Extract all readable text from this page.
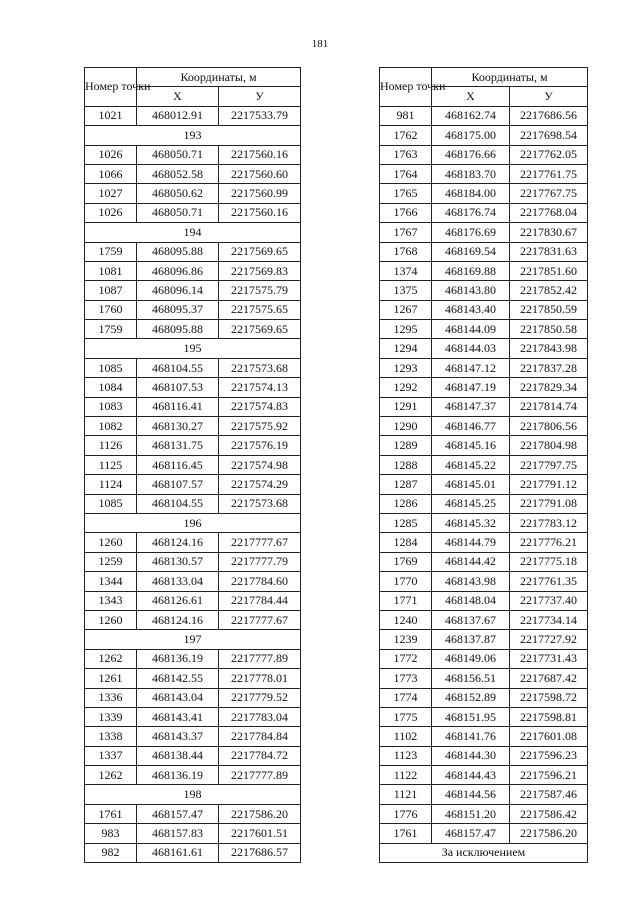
181
Номер точки	Координаты, м	
	X	У
1021	468012.91	2217533.79
193		
1026	468050.71	2217560.16
1066	468052.58	2217560.60
1027	468050.62	2217560.99
1026	468050.71	2217560.16
194		
1759	468095.88	2217569.65
1081	468096.86	2217569.83
1087	468096.14	2217575.79
1760	468095.37	2217575.65
1759	468095.88	2217569.65
195		
1085	468104.55	2217573.68
1084	468107.53	2217574.13
1083	468116.41	2217574.83
1082	468130.27	2217575.92
1126	468131.75	2217576.19
1125	468116.45	2217574.98
1124	468107.57	2217574.29
1085	468104.55	2217573.68
196		
1260	468124.16	2217777.67
1259	468130.57	2217777.79
1344	468133.04	2217784.60
1343	468126.61	2217784.44
1260	468124.16	2217777.67
197		
1262	468136.19	2217777.89
1261	468142.55	2217778.01
1336	468143.04	2217779.52
1339	468143.41	2217783.04
1338	468143.37	2217784.84
1337	468138.44	2217784.72
1262	468136.19	2217777.89
198		
1761	468157.47	2217586.20
983	468157.83	2217601.51
982	468161.61	2217686.57
Номер точки	Координаты, м	
	X	У
981	468162.74	2217686.56
1762	468175.00	2217698.54
1763	468176.66	2217762.05
1764	468183.70	2217761.75
1765	468184.00	2217767.75
1766	468176.74	2217768.04
1767	468176.69	2217830.67
1768	468169.54	2217831.63
1374	468169.88	2217851.60
1375	468143.80	2217852.42
1267	468143.40	2217850.59
1295	468144.09	2217850.58
1294	468144.03	2217843.98
1293	468147.12	2217837.28
1292	468147.19	2217829.34
1291	468147.37	2217814.74
1290	468146.77	2217806.56
1289	468145.16	2217804.98
1288	468145.22	2217797.75
1287	468145.01	2217791.12
1286	468145.25	2217791.08
1285	468145.32	2217783.12
1284	468144.79	2217776.21
1769	468144.42	2217775.18
1770	468143.98	2217761.35
1771	468148.04	2217737.40
1240	468137.67	2217734.14
1239	468137.87	2217727.92
1772	468149.06	2217731.43
1773	468156.51	2217687.42
1774	468152.89	2217598.72
1775	468151.95	2217598.81
1102	468141.76	2217601.08
1123	468144.30	2217596.23
1122	468144.43	2217596.21
1121	468144.56	2217587.46
1776	468151.20	2217586.42
1761	468157.47	2217586.20
За исключением		
